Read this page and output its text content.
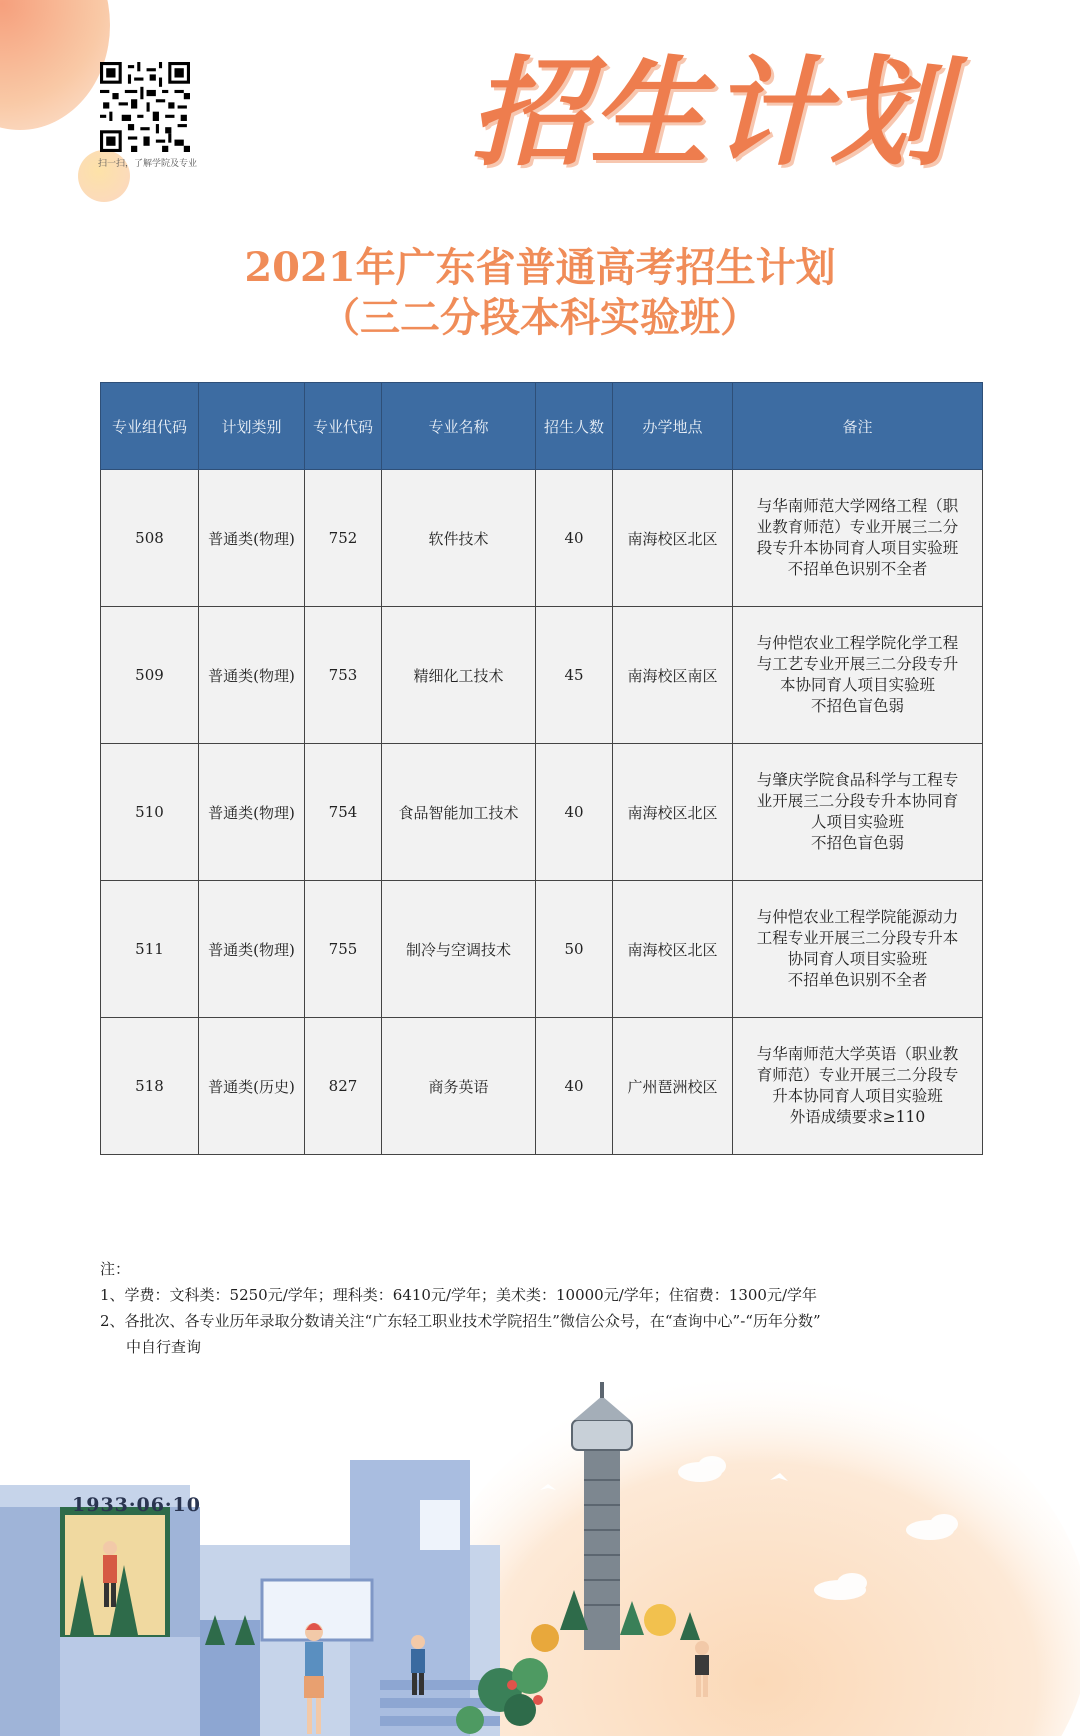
扫一扫，了解学院及专业 招生计划
2021年广东省普通高考招生计划
（三二分段本科实验班）
专业组代码	计划类别	专业代码	专业名称	招生人数	办学地点	备注
508	普通类(物理)	752	软件技术	40	南海校区北区	与华南师范大学网络工程（职
业教育师范）专业开展三二分
段专升本协同育人项目实验班
不招单色识别不全者

509	普通类(物理)	753	精细化工技术	45	南海校区南区	与仲恺农业工程学院化学工程
与工艺专业开展三二分段专升
本协同育人项目实验班
不招色盲色弱

510	普通类(物理)	754	食品智能加工技术	40	南海校区北区	与肇庆学院食品科学与工程专
业开展三二分段专升本协同育
人项目实验班
不招色盲色弱

511	普通类(物理)	755	制冷与空调技术	50	南海校区北区	与仲恺农业工程学院能源动力
工程专业开展三二分段专升本
协同育人项目实验班
不招单色识别不全者

518	普通类(历史)	827	商务英语	40	广州琶洲校区	与华南师范大学英语（职业教
育师范）专业开展三二分段专
升本协同育人项目实验班
外语成绩要求≥110
注：
1、学费：文科类：5250元/学年；理科类：6410元/学年；美术类：10000元/学年；住宿费：1300元/学年
2、各批次、各专业历年录取分数请关注“广东轻工职业技术学院招生”微信公众号，在“查询中心”-“历年分数”
中自行查询
1933·06·10
